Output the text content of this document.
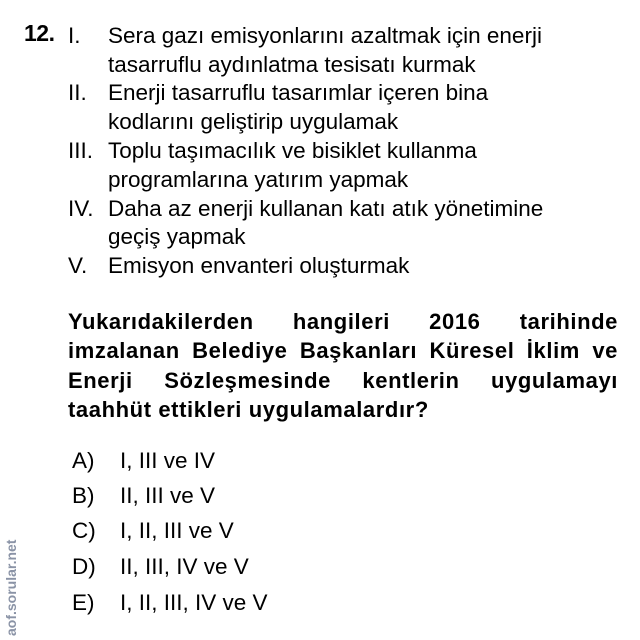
aof.sorular.net
12. I. Sera gazı emisyonlarını azaltmak için enerji
tasarruflu aydınlatma tesisatı kurmak
II. Enerji tasarruflu tasarımlar içeren bina
kodlarını geliştirip uygulamak
III. Toplu taşımacılık ve bisiklet kullanma
programlarına yatırım yapmak
IV. Daha az enerji kullanan katı atık yönetimine
geçiş yapmak
V. Emisyon envanteri oluşturmak
Yukarıdakilerden hangileri 2016 tarihinde imzalanan Belediye Başkanları Küresel İklim ve Enerji Sözleşmesinde kentlerin uygulamayı taahhüt ettikleri uygulamalardır?
A) I, III ve IV
B) II, III ve V
C) I, II, III ve V
D) II, III, IV ve V
E) I, II, III, IV ve V
aof.sorular.net
